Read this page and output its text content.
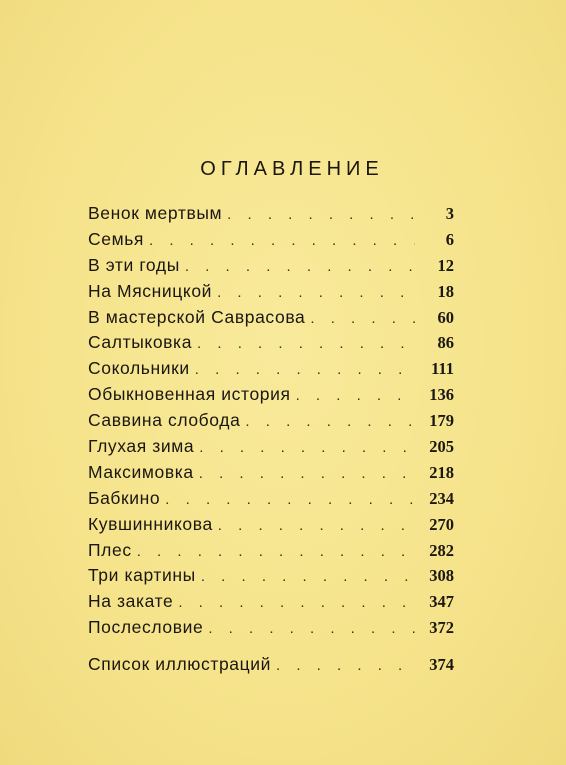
ОГЛАВЛЕНИЕ
Венок мертвым . . .	3
Семья . . .	6
В эти годы . . .	12
На Мясницкой . . .	18
В мастерской Саврасова . . .	60
Салтыковка . . .	86
Сокольники . . .	111
Обыкновенная история . . .	136
Саввина слобода . . .	179
Глухая зима . . .	205
Максимовка . . .	218
Бабкино . . .	234
Кувшинникова . . .	270
Плес . . .	282
Три картины . . .	308
На закате . . .	347
Послесловие . . .	372
Список иллюстраций . . .	374
